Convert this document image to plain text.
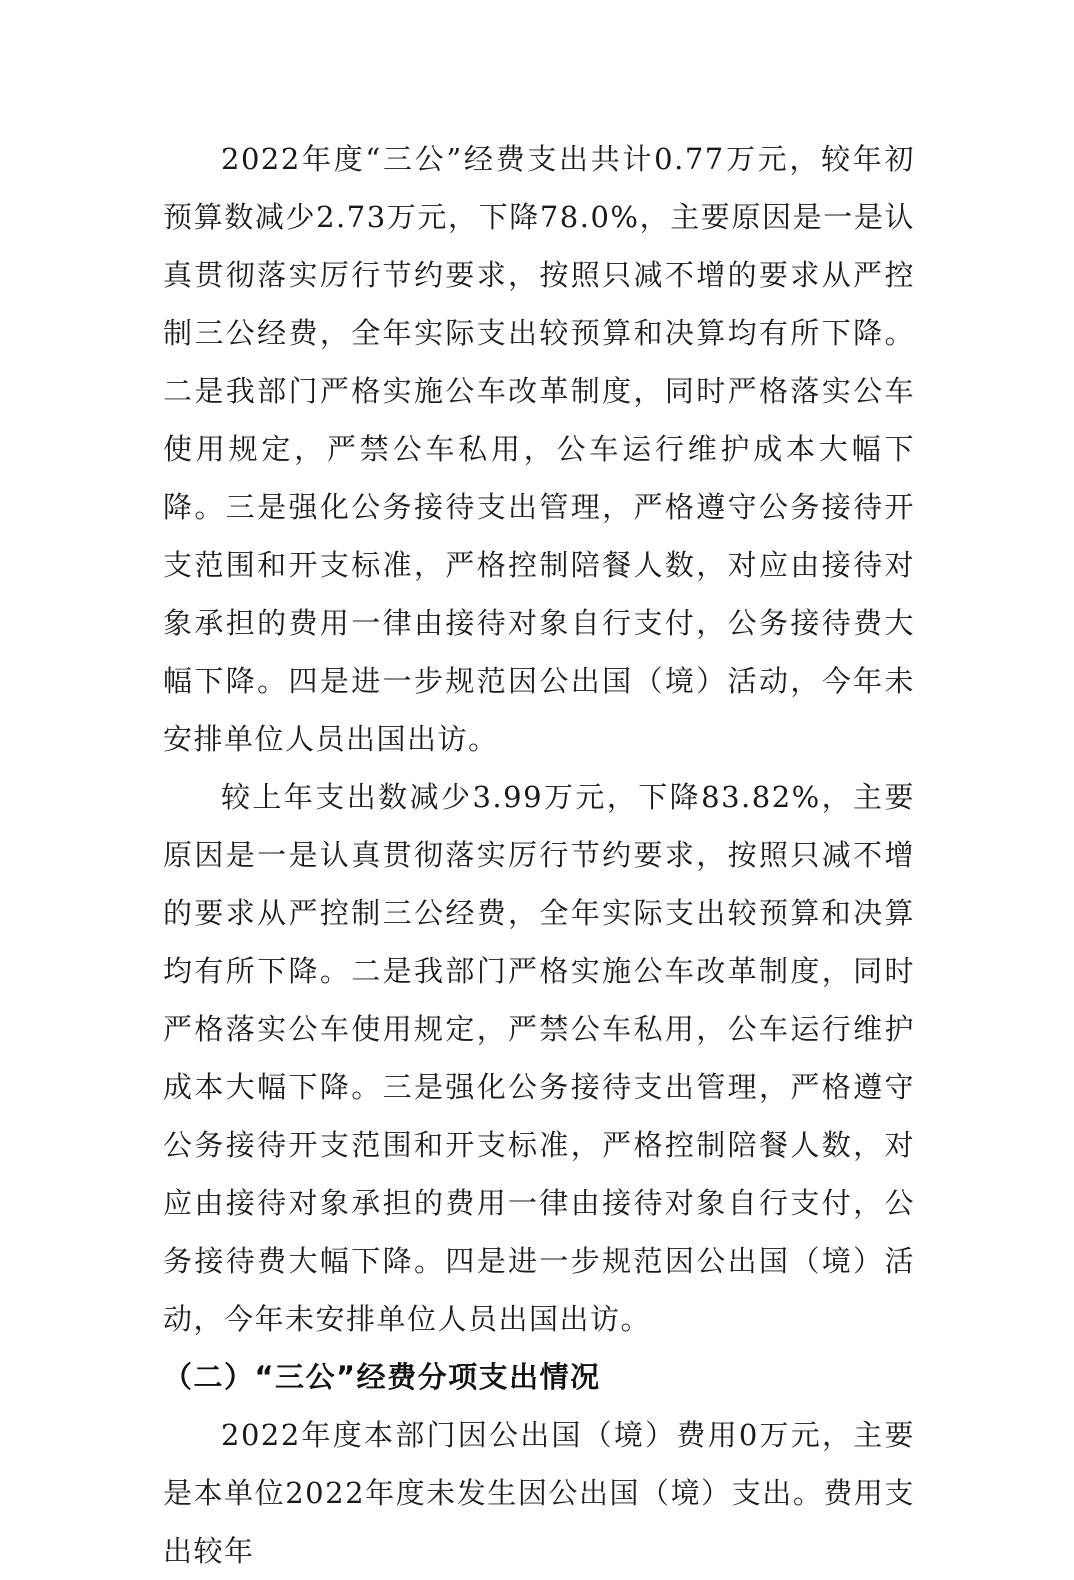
2022年度“三公”经费支出共计0.77万元，较年初预算数减少2.73万元，下降78.0%，主要原因是一是认真贯彻落实厉行节约要求，按照只减不增的要求从严控制三公经费，全年实际支出较预算和决算均有所下降。二是我部门严格实施公车改革制度，同时严格落实公车使用规定，严禁公车私用，公车运行维护成本大幅下降。三是强化公务接待支出管理，严格遵守公务接待开支范围和开支标准，严格控制陪餐人数，对应由接待对象承担的费用一律由接待对象自行支付，公务接待费大幅下降。四是进一步规范因公出国（境）活动，今年未安排单位人员出国出访。

较上年支出数减少3.99万元，下降83.82%，主要原因是一是认真贯彻落实厉行节约要求，按照只减不增的要求从严控制三公经费，全年实际支出较预算和决算均有所下降。二是我部门严格实施公车改革制度，同时严格落实公车使用规定，严禁公车私用，公车运行维护成本大幅下降。三是强化公务接待支出管理，严格遵守公务接待开支范围和开支标准，严格控制陪餐人数，对应由接待对象承担的费用一律由接待对象自行支付，公务接待费大幅下降。四是进一步规范因公出国（境）活动，今年未安排单位人员出国出访。

（二）“三公”经费分项支出情况

2022年度本部门因公出国（境）费用0万元，主要是本单位2022年度未发生因公出国（境）支出。费用支出较年
